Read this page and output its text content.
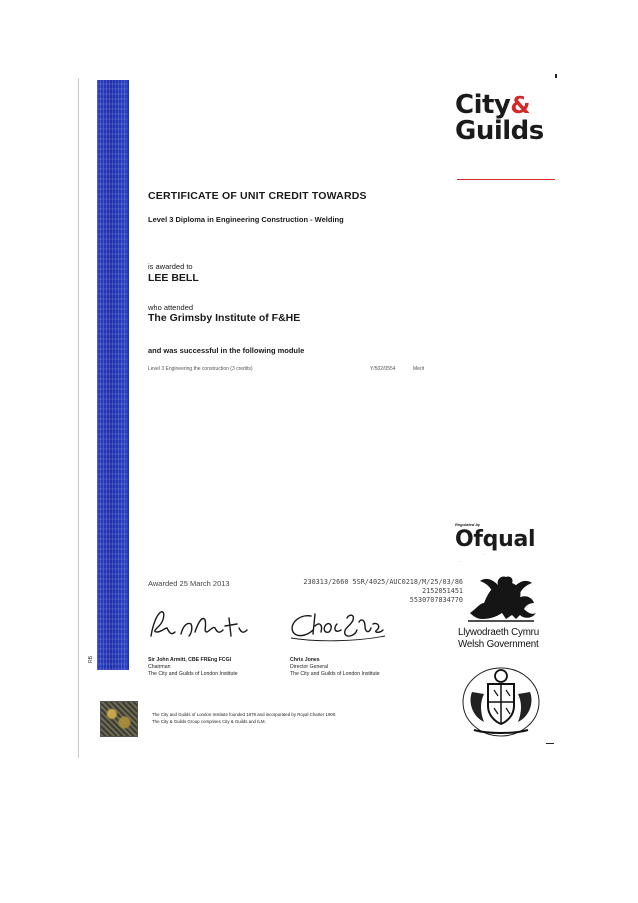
RB
City&
Guilds
CERTIFICATE OF UNIT CREDIT TOWARDS
Level 3 Diploma in Engineering Construction - Welding
is awarded to
LEE BELL
who attended
The Grimsby Institute of F&HE
and was successful in the following module
Level 3 Engineering the construction (3 credits)	Y/502/0554	Merit
Awarded 25 March 2013	230313/2660 5SR/4025/AUC0218/M/25/03/86
2152051451
5530707834770
Sir John Armitt, CBE FREng FCGI
Chairman
The City and Guilds of London Institute
Chris Jones
Director General
The City and Guilds of London Institute
The City and Guilds of London Institute founded 1878 and incorporated by Royal Charter 1900.
The City & Guilds Group comprises City & Guilds and ILM.
Regulated by
Ofqual
...
...
Llywodraeth Cymru
Welsh Government
